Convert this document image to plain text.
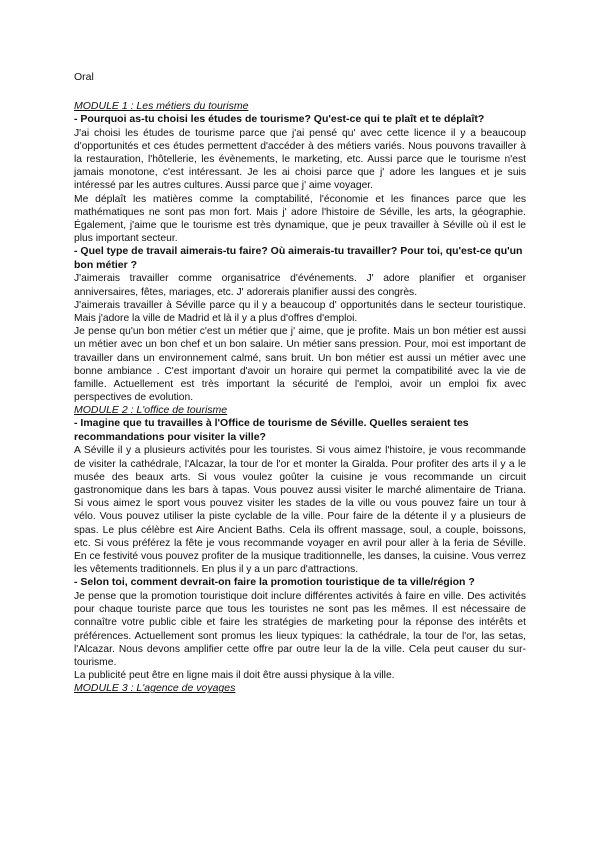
Oral

MODULE 1 : Les métiers du tourisme

- Pourquoi as-tu choisi les études de tourisme? Qu'est-ce qui te plaît et te déplaît?

J'ai choisi les études de tourisme parce que j'ai pensé qu' avec cette licence il y a beaucoup d'opportunités et ces études permettent d'accéder à des métiers variés. Nous pouvons travailler à la restauration, l'hôtellerie, les évènements, le marketing, etc. Aussi parce que le tourisme n'est jamais monotone, c'est intéressant. Je les ai choisi parce que j' adore les langues et je suis intéressé par les autres cultures. Aussi parce que j' aime voyager.

Me déplaît les matières comme la comptabilité, l'économie et les finances parce que les mathématiques ne sont pas mon fort. Mais j' adore l'histoire de Séville, les arts, la géographie. Également, j'aime que le tourisme est très dynamique, que je peux travailler à Séville où il est le plus important secteur.

- Quel type de travail aimerais-tu faire? Où aimerais-tu travailler? Pour toi, qu'est-ce qu'un bon métier ?

J'aimerais travailler comme organisatrice d'événements. J' adore planifier et organiser anniversaires, fêtes, mariages, etc. J' adorerais planifier aussi des congrès.

J'aimerais travailler à Séville parce qu il y a beaucoup d' opportunités dans le secteur touristique. Mais j'adore la ville de Madrid et là il y a plus d'offres d'emploi.

Je pense qu'un bon métier c'est un métier que j' aime, que je profite. Mais un bon métier est aussi un métier avec un bon chef et un bon salaire. Un métier sans pression. Pour, moi est important de travailler dans un environnement calmé, sans bruit. Un bon métier est aussi un métier avec une bonne ambiance . C'est important d'avoir un horaire qui permet la compatibilité avec la vie de famille. Actuellement est très important la sécurité de l'emploi, avoir un emploi fix avec perspectives de evolution.

MODULE 2 : L'office de tourisme

- Imagine que tu travailles à l'Office de tourisme de Séville. Quelles seraient tes recommandations pour visiter la ville?

A Séville il y a plusieurs activités pour les touristes. Si vous aimez l'histoire, je vous recommande de visiter la cathédrale, l'Alcazar, la tour de l'or et monter la Giralda. Pour profiter des arts il y a le musée des beaux arts. Si vous voulez goûter la cuisine je vous recommande un circuit gastronomique dans les bars à tapas. Vous pouvez aussi visiter le marché alimentaire de Triana. Si vous aimez le sport vous pouvez visiter les stades de la ville ou vous pouvez faire un tour à vélo. Vous pouvez utiliser la piste cyclable de la ville. Pour faire de la détente il y a plusieurs de spas. Le plus célèbre est Aire Ancient Baths. Cela ils offrent massage, soul, a couple, boissons, etc. Si vous préférez la fête je vous recommande voyager en avril pour aller à la feria de Séville. En ce festivité vous pouvez profiter de la musique traditionnelle, les danses, la cuisine. Vous verrez les vêtements traditionnels. En plus il y a un parc d'attractions.

- Selon toi, comment devrait-on faire la promotion touristique de ta ville/région ?

Je pense que la promotion touristique doit inclure différentes activités à faire en ville. Des activités pour chaque touriste parce que tous les touristes ne sont pas les mêmes. Il est nécessaire de connaître votre public cible et faire les stratégies de marketing pour la réponse des intérêts et préférences. Actuellement sont promus les lieux typiques: la cathédrale, la tour de l'or, las setas, l'Alcazar. Nous devons amplifier cette offre par outre leur la de la ville. Cela peut causer du sur-tourisme.

La publicité peut être en ligne mais il doit être aussi physique à la ville.

MODULE 3 : L'agence de voyages
